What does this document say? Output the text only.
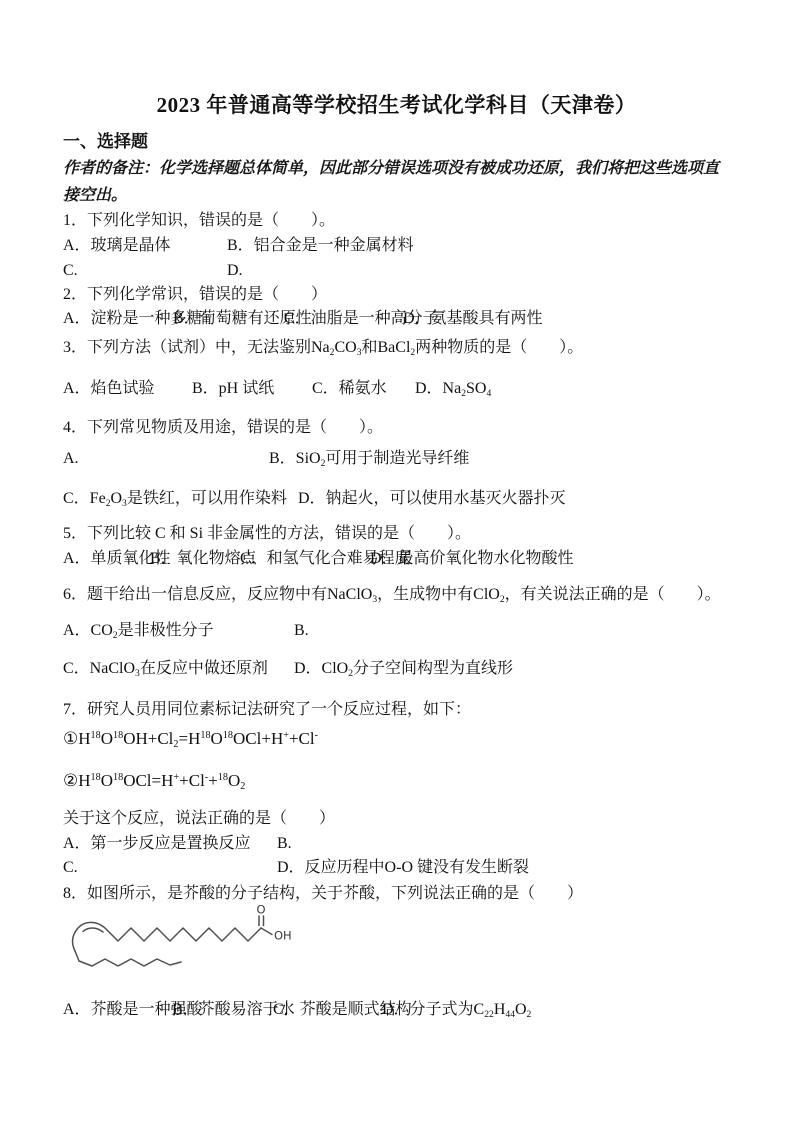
2023 年普通高等学校招生考试化学科目（天津卷）
一、选择题
作者的备注：化学选择题总体简单，因此部分错误选项没有被成功还原，我们将把这些选项直
接空出。
1．下列化学知识，错误的是（　　）。

A．玻璃是晶体

	B．铝合金是一种金属材料

C.

	D.

2．下列化学常识，错误的是（　　）

A．淀粉是一种多糖

B．葡萄糖有还原性

C．油脂是一种高分子

D．氨基酸具有两性

3．下列方法（试剂）中，无法鉴别$Na_2CO_3$和BaCl$_2$两种物质的是（　　）。

A．焰色试验

B．pH 试纸

C．稀氨水

D．$Na_2SO_4$

4．下列常见物质及用途，错误的是（　　）。

A.

	B．SiO$_2$可用于制造光导纤维

C．$Fe_2O_3$是铁红，可以用作染料

D．钠起火，可以使用水基灭火器扑灭

5．下列比较 C 和 Si 非金属性的方法，错误的是（　　）。

A．单质氧化性

B．氧化物熔点

C．和氢气化合难易程度

D．最高价氧化物水化物酸性

6．题干给出一信息反应，反应物中有NaClO$_3$，生成物中有ClO$_2$，有关说法正确的是（　　）。

A．$CO_2$是非极性分子

	B.

C．NaClO$_3$在反应中做还原剂

D．ClO$_2$分子空间构型为直线形

7．研究人员用同位素标记法研究了一个反应过程，如下：
$①H^{18}O^{18}OH+Cl_2=H^{18}O^{18}OCl+H^++Cl^-$
$②H^{18}O^{18}OCl=H^++Cl^-+^{18}O_2$
关于这个反应，说法正确的是（　　）

A．第一步反应是置换反应

B.

C.

	D．反应历程中O-O 键没有发生断裂

8．如图所示，是芥酸的分子结构，关于芥酸，下列说法正确的是（　　）
O
OH

A．芥酸是一种强酸

B．芥酸易溶于水

C．芥酸是顺式结构

D．分子式为$C_{22}H_{44}O_2$
